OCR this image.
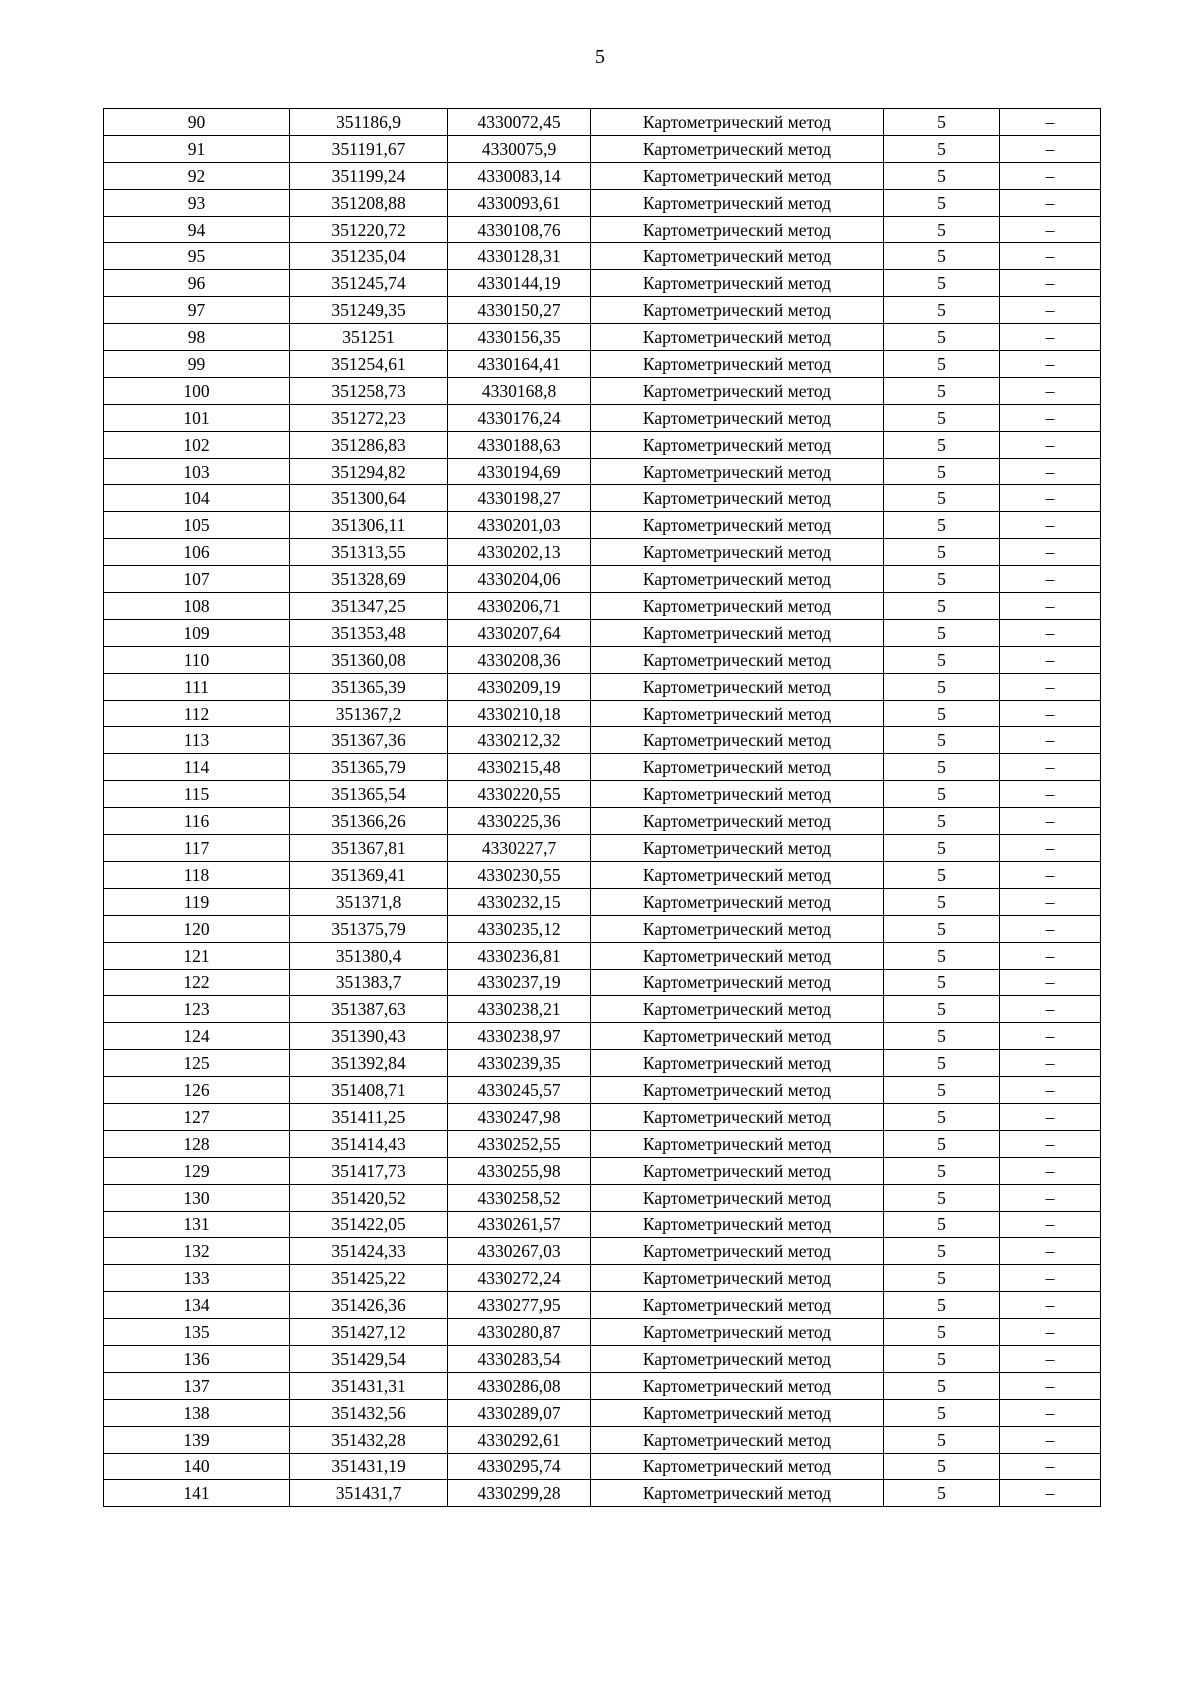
5
90	351186,9	4330072,45	Картометрический метод	5	–
91	351191,67	4330075,9	Картометрический метод	5	–
92	351199,24	4330083,14	Картометрический метод	5	–
93	351208,88	4330093,61	Картометрический метод	5	–
94	351220,72	4330108,76	Картометрический метод	5	–
95	351235,04	4330128,31	Картометрический метод	5	–
96	351245,74	4330144,19	Картометрический метод	5	–
97	351249,35	4330150,27	Картометрический метод	5	–
98	351251	4330156,35	Картометрический метод	5	–
99	351254,61	4330164,41	Картометрический метод	5	–
100	351258,73	4330168,8	Картометрический метод	5	–
101	351272,23	4330176,24	Картометрический метод	5	–
102	351286,83	4330188,63	Картометрический метод	5	–
103	351294,82	4330194,69	Картометрический метод	5	–
104	351300,64	4330198,27	Картометрический метод	5	–
105	351306,11	4330201,03	Картометрический метод	5	–
106	351313,55	4330202,13	Картометрический метод	5	–
107	351328,69	4330204,06	Картометрический метод	5	–
108	351347,25	4330206,71	Картометрический метод	5	–
109	351353,48	4330207,64	Картометрический метод	5	–
110	351360,08	4330208,36	Картометрический метод	5	–
111	351365,39	4330209,19	Картометрический метод	5	–
112	351367,2	4330210,18	Картометрический метод	5	–
113	351367,36	4330212,32	Картометрический метод	5	–
114	351365,79	4330215,48	Картометрический метод	5	–
115	351365,54	4330220,55	Картометрический метод	5	–
116	351366,26	4330225,36	Картометрический метод	5	–
117	351367,81	4330227,7	Картометрический метод	5	–
118	351369,41	4330230,55	Картометрический метод	5	–
119	351371,8	4330232,15	Картометрический метод	5	–
120	351375,79	4330235,12	Картометрический метод	5	–
121	351380,4	4330236,81	Картометрический метод	5	–
122	351383,7	4330237,19	Картометрический метод	5	–
123	351387,63	4330238,21	Картометрический метод	5	–
124	351390,43	4330238,97	Картометрический метод	5	–
125	351392,84	4330239,35	Картометрический метод	5	–
126	351408,71	4330245,57	Картометрический метод	5	–
127	351411,25	4330247,98	Картометрический метод	5	–
128	351414,43	4330252,55	Картометрический метод	5	–
129	351417,73	4330255,98	Картометрический метод	5	–
130	351420,52	4330258,52	Картометрический метод	5	–
131	351422,05	4330261,57	Картометрический метод	5	–
132	351424,33	4330267,03	Картометрический метод	5	–
133	351425,22	4330272,24	Картометрический метод	5	–
134	351426,36	4330277,95	Картометрический метод	5	–
135	351427,12	4330280,87	Картометрический метод	5	–
136	351429,54	4330283,54	Картометрический метод	5	–
137	351431,31	4330286,08	Картометрический метод	5	–
138	351432,56	4330289,07	Картометрический метод	5	–
139	351432,28	4330292,61	Картометрический метод	5	–
140	351431,19	4330295,74	Картометрический метод	5	–
141	351431,7	4330299,28	Картометрический метод	5	–
